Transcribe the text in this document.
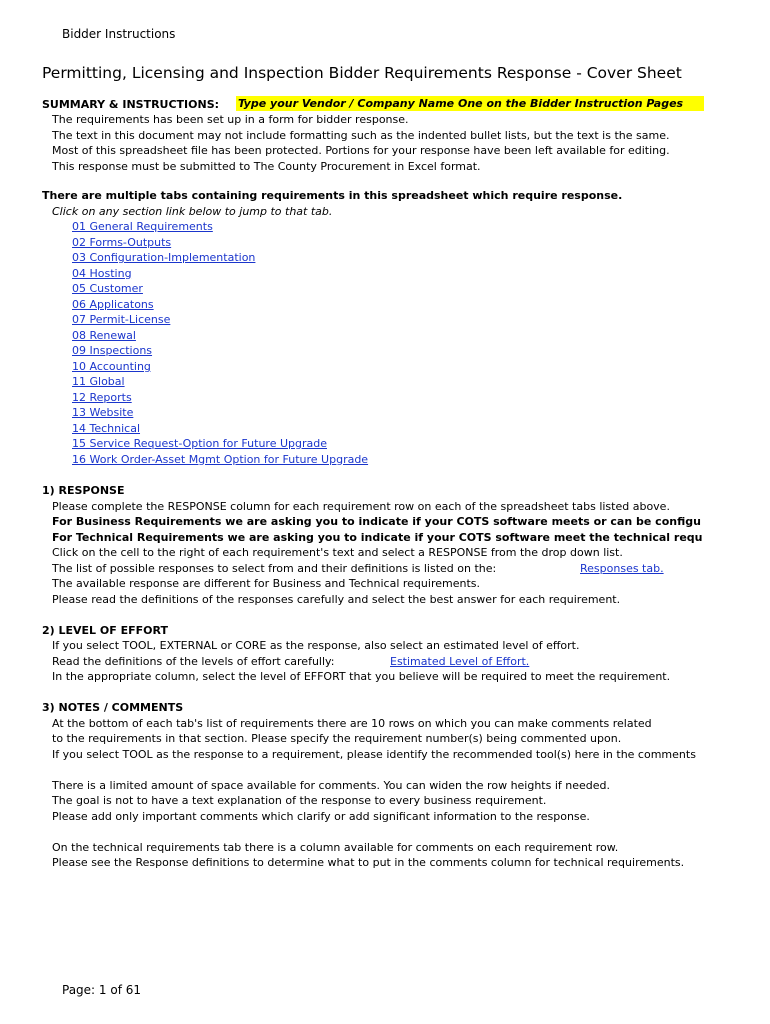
Bidder Instructions
Permitting, Licensing and Inspection Bidder Requirements Response - Cover Sheet
SUMMARY & INSTRUCTIONS: Type your Vendor / Company Name One on the Bidder Instruction Pages
The requirements has been set up in a form for bidder response.
The text in this document may not include formatting such as the indented bullet lists, but the text is the same.
Most of this spreadsheet file has been protected. Portions for your response have been left available for editing.
This response must be submitted to The County Procurement in Excel format.
There are multiple tabs containing requirements in this spreadsheet which require response.
Click on any section link below to jump to that tab.
01 General Requirements
02 Forms-Outputs
03 Configuration-Implementation
04 Hosting
05 Customer
06 Applicatons
07 Permit-License
08 Renewal
09 Inspections
10 Accounting
11 Global
12 Reports
13 Website
14 Technical
15 Service Request-Option for Future Upgrade
16 Work Order-Asset Mgmt Option for Future Upgrade
1) RESPONSE
Please complete the RESPONSE column for each requirement row on each of the spreadsheet tabs listed above.
For Business Requirements we are asking you to indicate if your COTS software meets or can be configu
For Technical Requirements we are asking you to indicate if your COTS software meet the technical requ
Click on the cell to the right of each requirement's text and select a RESPONSE from the drop down list.
The list of possible responses to select from and their definitions is listed on the:	Responses tab.
The available response are different for Business and Technical requirements.
Please read the definitions of the responses carefully and select the best answer for each requirement.
2) LEVEL OF EFFORT
If you select TOOL, EXTERNAL or CORE as the response, also select an estimated level of effort.
Read the definitions of the levels of effort carefully:	Estimated Level of Effort.
In the appropriate column, select the level of EFFORT that you believe will be required to meet the requirement.
3) NOTES / COMMENTS
At the bottom of each tab's list of requirements there are 10 rows on which you can make comments related
to the requirements in that section. Please specify the requirement number(s) being commented upon.
If you select TOOL as the response to a requirement, please identify the recommended tool(s) here in the comments
There is a limited amount of space available for comments. You can widen the row heights if needed.
The goal is not to have a text explanation of the response to every business requirement.
Please add only important comments which clarify or add significant information to the response.
On the technical requirements tab there is a column available for comments on each requirement row.
Please see the Response definitions to determine what to put in the comments column for technical requirements.
Page: 1 of 61
